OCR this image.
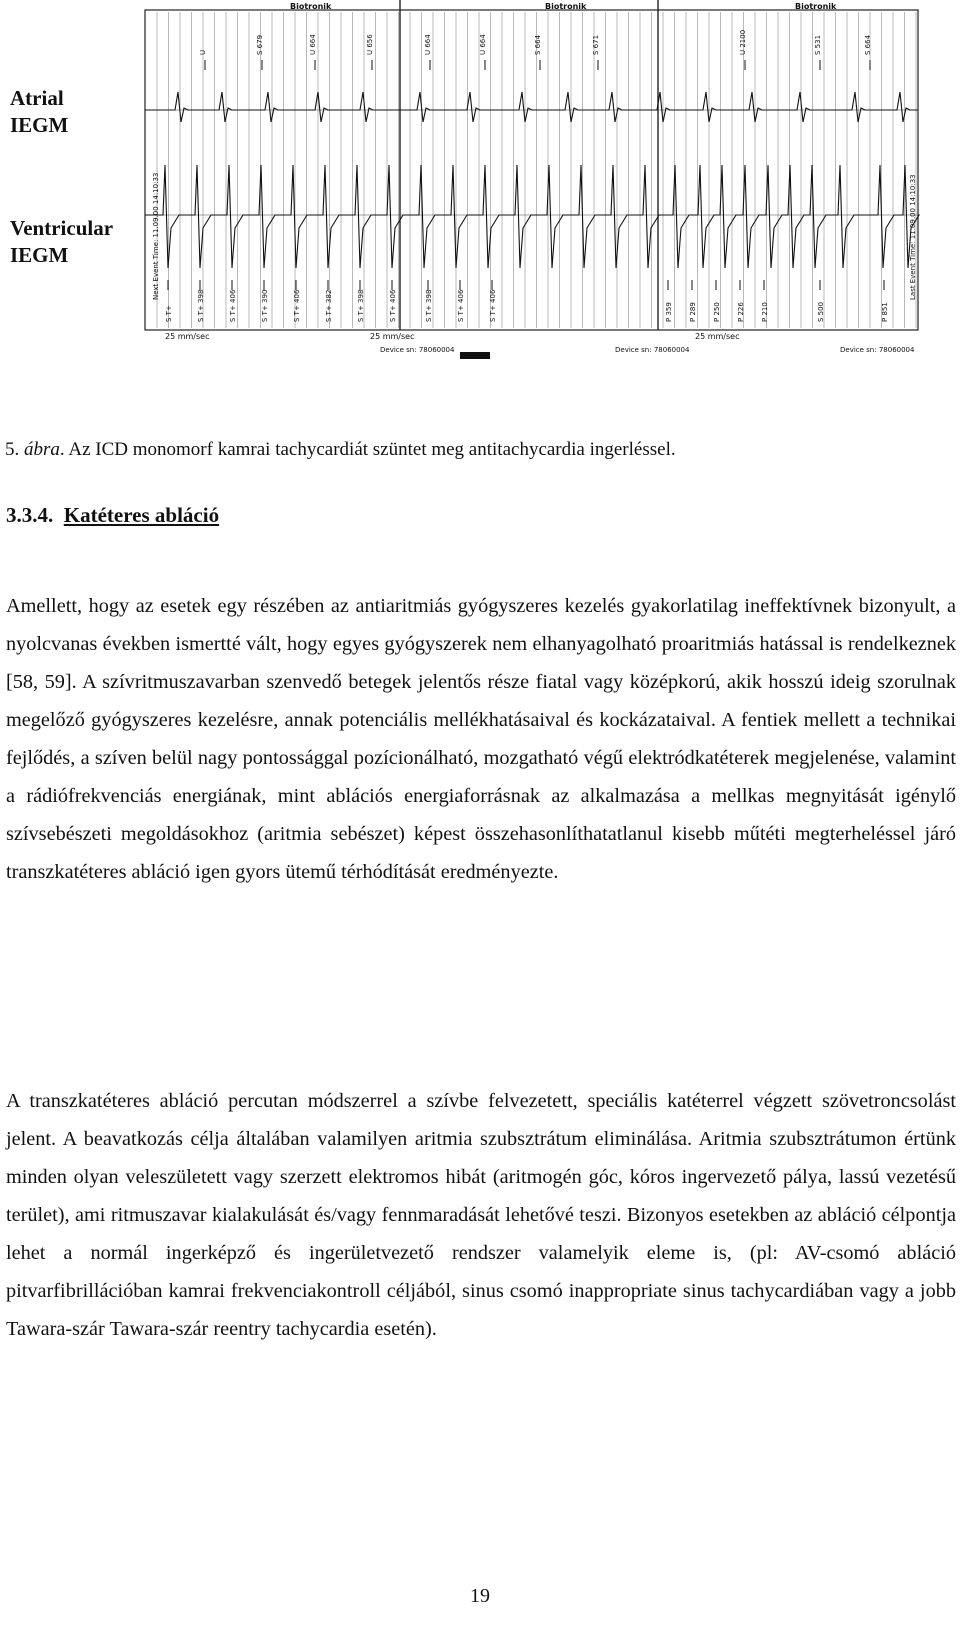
U	S 679	U 664	U 656	U 664	U 664	S 664	S 671	U 2100	S 531	S 664
S T+	S T+ 398	S T+ 406	S T+ 390	S T+ 406	S T+ 382	S T+ 398	S T+ 406	S T+ 398	S T+ 406	S T+ 406	P 359 P 289 P 250 P 226 P 210	S 500	P 851
Next Event Time: 11.09.00 14:10:33	Last Event Time: 11.09.00 14:10:33
Biotronik
25 mm/sec
Device sn: 78060004
Biotronik
25 mm/sec
Device sn: 78060004
Biotronik
25 mm/sec
Device sn: 78060004
Atrial
IEGM
Ventricular
IEGM
5. ábra. Az ICD monomorf kamrai tachycardiát szüntet meg antitachycardia ingerléssel.
3.3.4. Katéteres abláció
Amellett, hogy az esetek egy részében az antiaritmiás gyógyszeres kezelés gyakorlatilag ineffektívnek bizonyult, a nyolcvanas években ismertté vált, hogy egyes gyógyszerek nem elhanyagolható proaritmiás hatással is rendelkeznek [58, 59]. A szívritmuszavarban szenvedő betegek jelentős része fiatal vagy középkorú, akik hosszú ideig szorulnak megelőző gyógyszeres kezelésre, annak potenciális mellékhatásaival és kockázataival. A fentiek mellett a technikai fejlődés, a szíven belül nagy pontossággal pozícionálható, mozgatható végű elektródkatéterek megjelenése, valamint a rádiófrekvenciás energiának, mint ablációs energiaforrásnak az alkalmazása a mellkas megnyitását igénylő szívsebészeti megoldásokhoz (aritmia sebészet) képest összehasonlíthatatlanul kisebb műtéti megterheléssel járó transzkatéteres abláció igen gyors ütemű térhódítását eredményezte.
A transzkatéteres abláció percutan módszerrel a szívbe felvezetett, speciális katéterrel végzett szövetroncsolást jelent. A beavatkozás célja általában valamilyen aritmia szubsztrátum eliminálása. Aritmia szubsztrátumon értünk minden olyan veleszületett vagy szerzett elektromos hibát (aritmogén góc, kóros ingervezető pálya, lassú vezetésű terület), ami ritmuszavar kialakulását és/vagy fennmaradását lehetővé teszi. Bizonyos esetekben az abláció célpontja lehet a normál ingerképző és ingerületvezető rendszer valamelyik eleme is, (pl: AV-csomó abláció pitvarfibrillációban kamrai frekvenciakontroll céljából, sinus csomó inappropriate sinus tachycardiában vagy a jobb Tawara-szár Tawara-szár reentry tachycardia esetén).
19
